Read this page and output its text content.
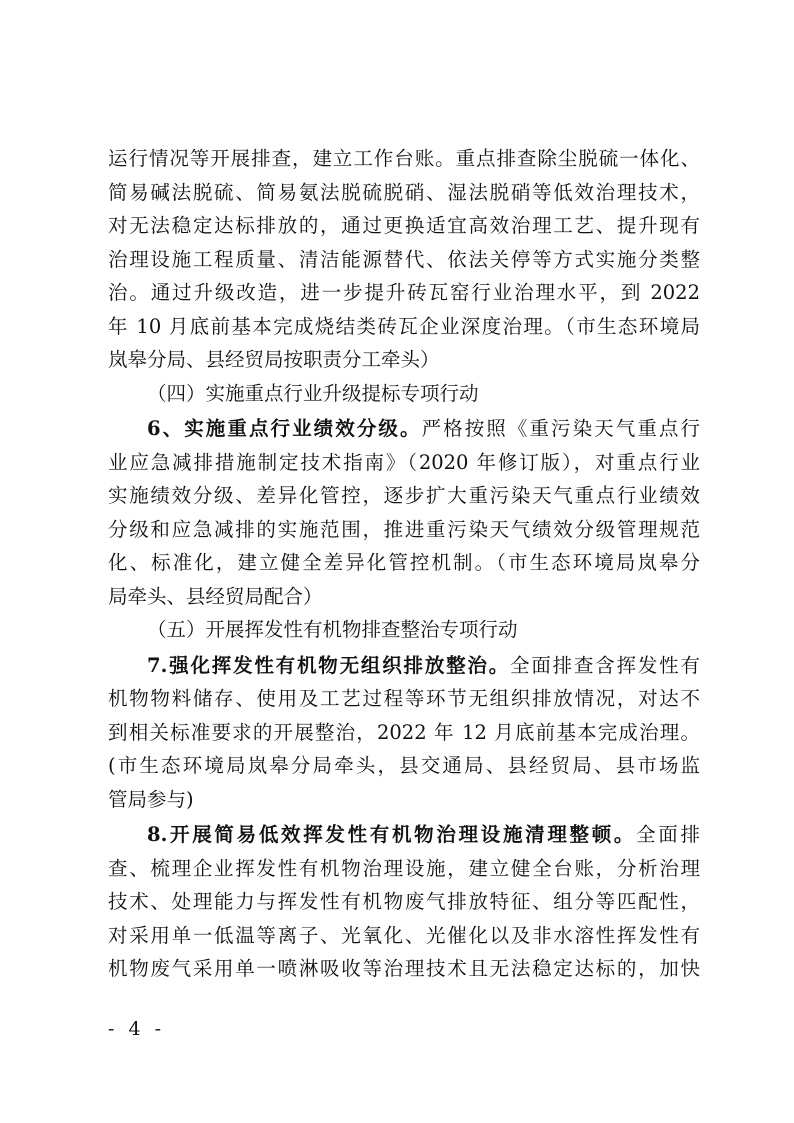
运行情况等开展排查，建立工作台账。重点排查除尘脱硫一体化、
简易碱法脱硫、简易氨法脱硫脱硝、湿法脱硝等低效治理技术，
对无法稳定达标排放的，通过更换适宜高效治理工艺、提升现有
治理设施工程质量、清洁能源替代、依法关停等方式实施分类整
治。通过升级改造，进一步提升砖瓦窑行业治理水平，到 2022
年 10 月底前基本完成烧结类砖瓦企业深度治理。（市生态环境局
岚皋分局、县经贸局按职责分工牵头）
（四）实施重点行业升级提标专项行动
6、实施重点行业绩效分级。严格按照《重污染天气重点行
业应急减排措施制定技术指南》（2020 年修订版），对重点行业
实施绩效分级、差异化管控，逐步扩大重污染天气重点行业绩效
分级和应急减排的实施范围，推进重污染天气绩效分级管理规范
化、标准化，建立健全差异化管控机制。（市生态环境局岚皋分
局牵头、县经贸局配合）
（五）开展挥发性有机物排查整治专项行动
7.强化挥发性有机物无组织排放整治。全面排查含挥发性有
机物物料储存、使用及工艺过程等环节无组织排放情况，对达不
到相关标准要求的开展整治，2022 年 12 月底前基本完成治理。
(市生态环境局岚皋分局牵头，县交通局、县经贸局、县市场监
管局参与)
8.开展简易低效挥发性有机物治理设施清理整顿。全面排
查、梳理企业挥发性有机物治理设施，建立健全台账，分析治理
技术、处理能力与挥发性有机物废气排放特征、组分等匹配性，
对采用单一低温等离子、光氧化、光催化以及非水溶性挥发性有
机物废气采用单一喷淋吸收等治理技术且无法稳定达标的，加快
- 4 -
